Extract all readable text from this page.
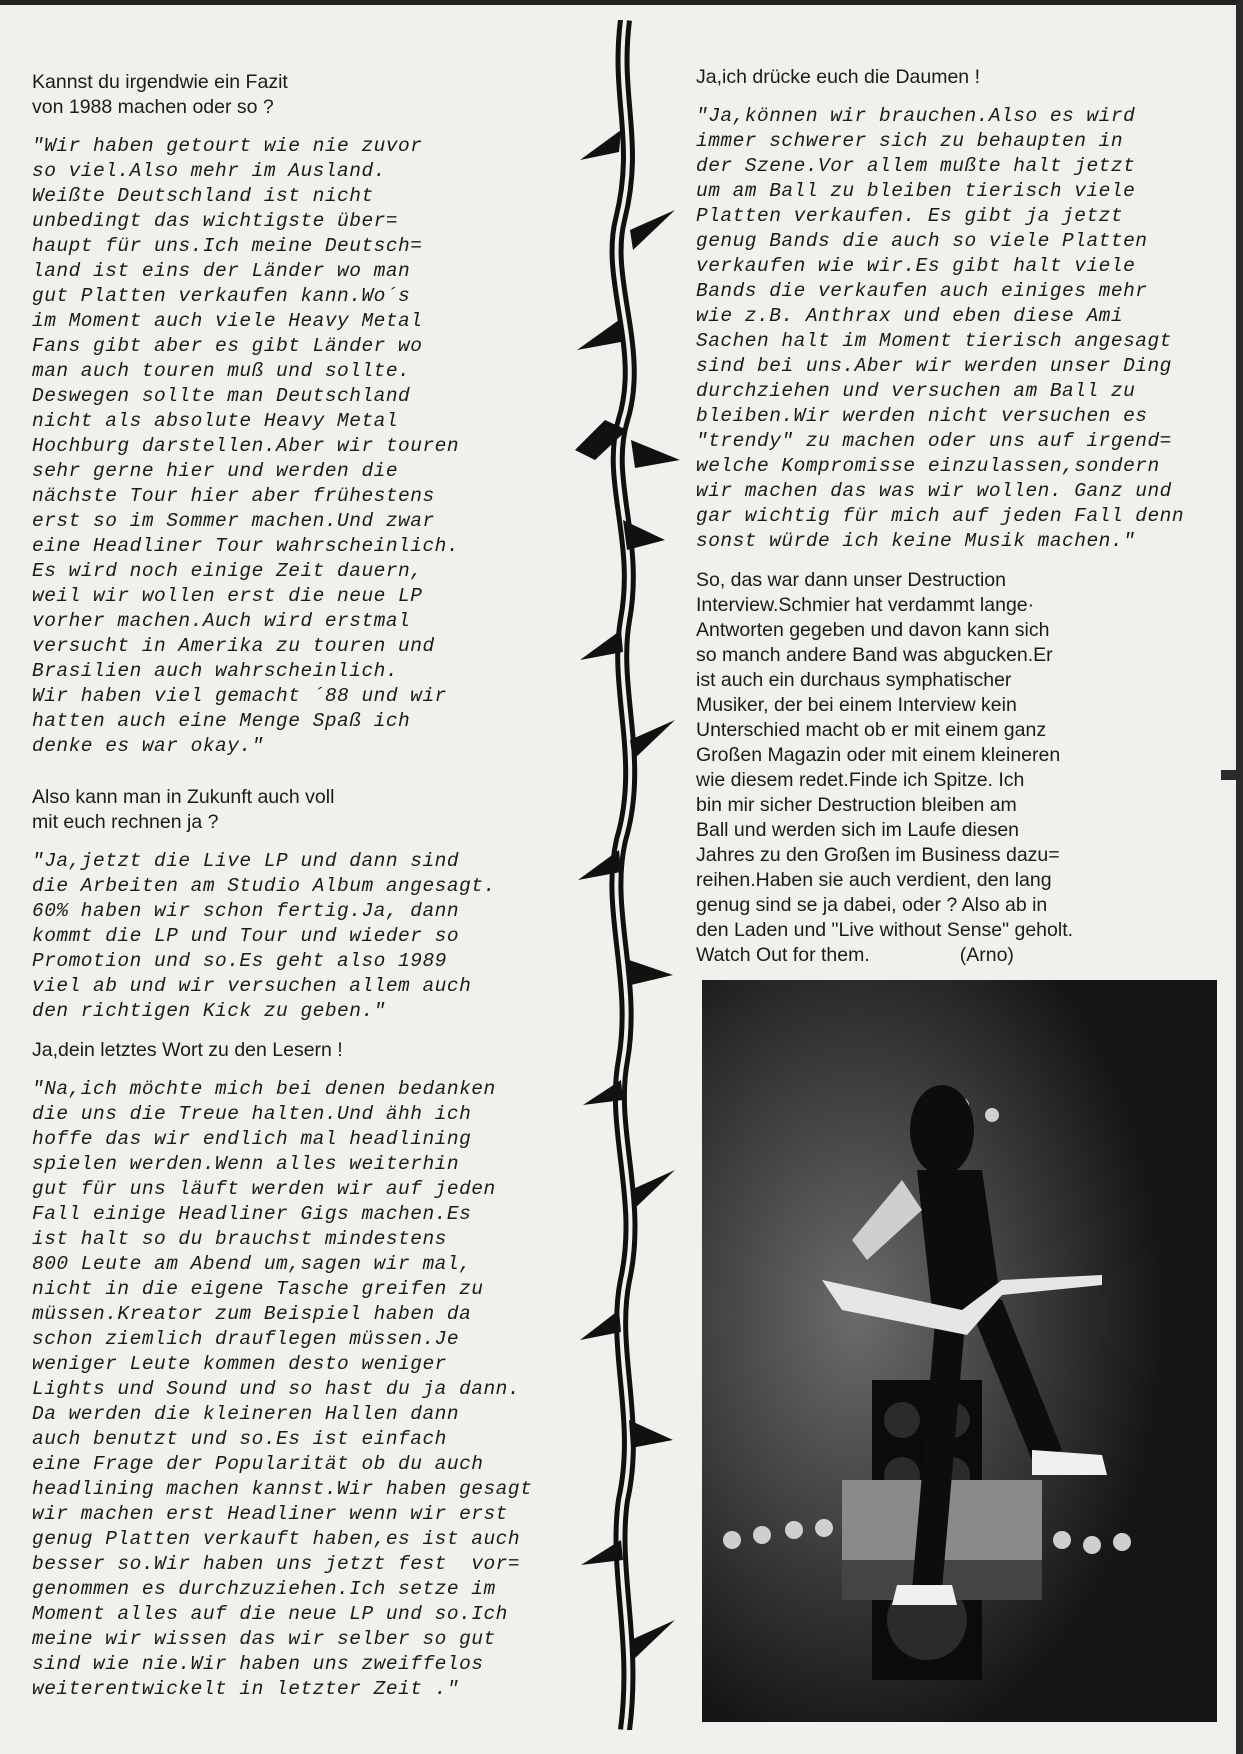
Kannst du irgendwie ein Fazit
von 1988 machen oder so ?

"Wir haben getourt wie nie zuvor
so viel.Also mehr im Ausland.
Weißte Deutschland ist nicht
unbedingt das wichtigste über=
haupt für uns.Ich meine Deutsch=
land ist eins der Länder wo man
gut Platten verkaufen kann.Wo´s
im Moment auch viele Heavy Metal
Fans gibt aber es gibt Länder wo
man auch touren muß und sollte.
Deswegen sollte man Deutschland
nicht als absolute Heavy Metal
Hochburg darstellen.Aber wir touren
sehr gerne hier und werden die
nächste Tour hier aber frühestens
erst so im Sommer machen.Und zwar
eine Headliner Tour wahrscheinlich.
Es wird noch einige Zeit dauern,
weil wir wollen erst die neue LP
vorher machen.Auch wird erstmal
versucht in Amerika zu touren und
Brasilien auch wahrscheinlich.
Wir haben viel gemacht ´88 und wir
hatten auch eine Menge Spaß ich
denke es war okay."

Also kann man in Zukunft auch voll
mit euch rechnen ja ?

"Ja,jetzt die Live LP und dann sind
die Arbeiten am Studio Album angesagt.
60% haben wir schon fertig.Ja, dann
kommt die LP und Tour und wieder so
Promotion und so.Es geht also 1989
viel ab und wir versuchen allem auch
den richtigen Kick zu geben."

Ja,dein letztes Wort zu den Lesern !

"Na,ich möchte mich bei denen bedanken
die uns die Treue halten.Und ähh ich
hoffe das wir endlich mal headlining
spielen werden.Wenn alles weiterhin
gut für uns läuft werden wir auf jeden
Fall einige Headliner Gigs machen.Es
ist halt so du brauchst mindestens
800 Leute am Abend um,sagen wir mal,
nicht in die eigene Tasche greifen zu
müssen.Kreator zum Beispiel haben da
schon ziemlich drauflegen müssen.Je
weniger Leute kommen desto weniger
Lights und Sound und so hast du ja dann.
Da werden die kleineren Hallen dann
auch benutzt und so.Es ist einfach
eine Frage der Popularität ob du auch
headlining machen kannst.Wir haben gesagt
wir machen erst Headliner wenn wir erst
genug Platten verkauft haben,es ist auch
besser so.Wir haben uns jetzt fest  vor=
genommen es durchzuziehen.Ich setze im
Moment alles auf die neue LP und so.Ich
meine wir wissen das wir selber so gut
sind wie nie.Wir haben uns zweiffelos
weiterentwickelt in letzter Zeit ."

Ja,ich drücke euch die Daumen !

"Ja,können wir brauchen.Also es wird
immer schwerer sich zu behaupten in
der Szene.Vor allem mußte halt jetzt
um am Ball zu bleiben tierisch viele
Platten verkaufen. Es gibt ja jetzt
genug Bands die auch so viele Platten
verkaufen wie wir.Es gibt halt viele
Bands die verkaufen auch einiges mehr
wie z.B. Anthrax und eben diese Ami
Sachen halt im Moment tierisch angesagt
sind bei uns.Aber wir werden unser Ding
durchziehen und versuchen am Ball zu
bleiben.Wir werden nicht versuchen es
"trendy" zu machen oder uns auf irgend=
welche Kompromisse einzulassen,sondern
wir machen das was wir wollen. Ganz und
gar wichtig für mich auf jeden Fall denn
sonst würde ich keine Musik machen."

So, das war dann unser Destruction
Interview.Schmier hat verdammt lange·
Antworten gegeben und davon kann sich
so manch andere Band was abgucken.Er
ist auch ein durchaus symphatischer
Musiker, der bei einem Interview kein
Unterschied macht ob er mit einem ganz
Großen Magazin oder mit einem kleineren
wie diesem redet.Finde ich Spitze. Ich
bin mir sicher Destruction bleiben am
Ball und werden sich im Laufe diesen
Jahres zu den Großen im Business dazu=
reihen.Haben sie auch verdient, den lang
genug sind se ja dabei, oder ? Also ab in
den Laden und "Live without Sense" geholt.
Watch Out for them.	(Arno)
